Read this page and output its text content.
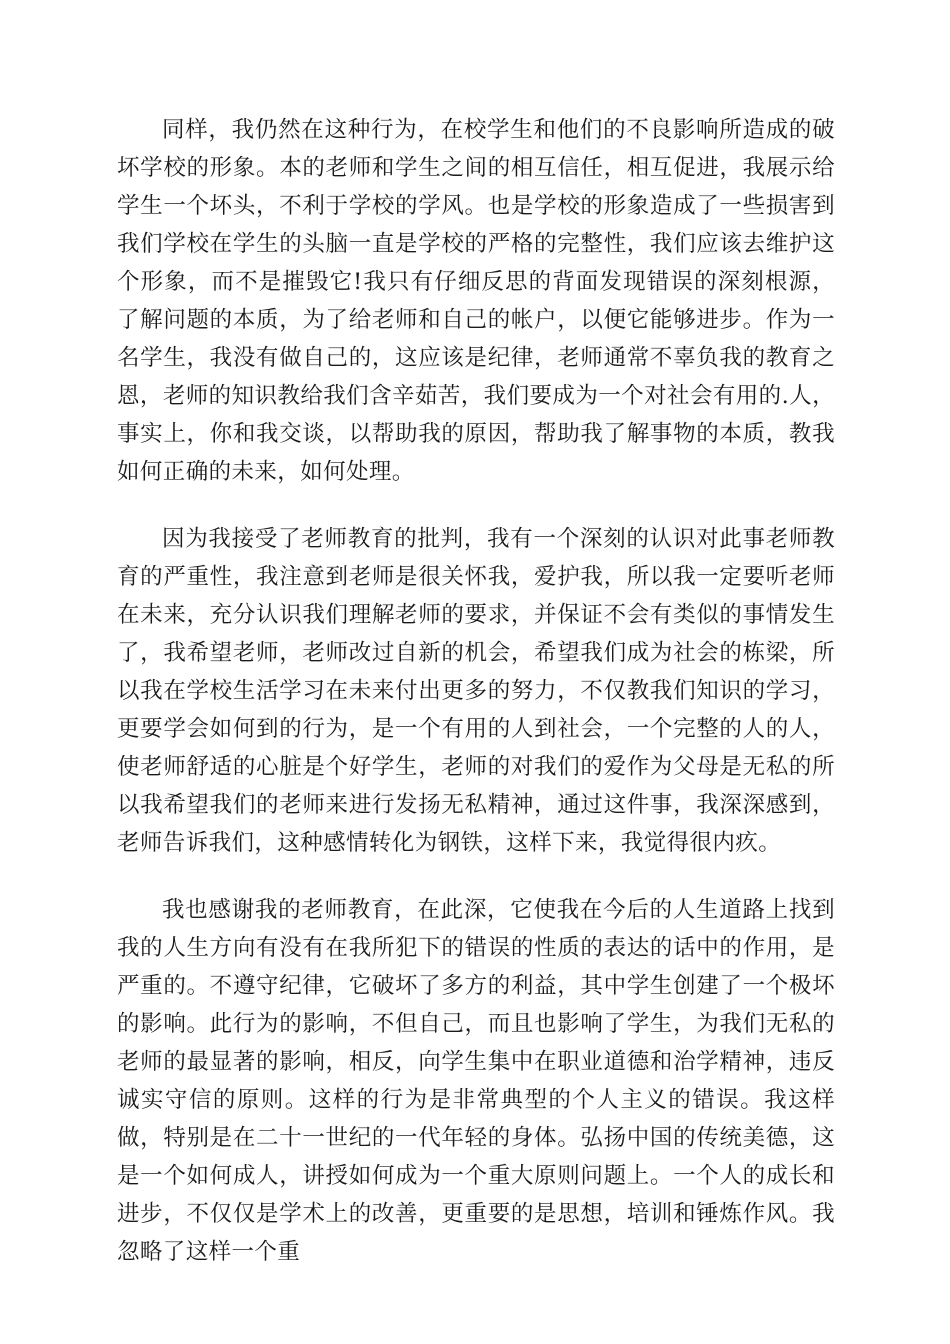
同样，我仍然在这种行为，在校学生和他们的不良影响所造成的破坏学校的形象。本的老师和学生之间的相互信任，相互促进，我展示给学生一个坏头，不利于学校的学风。也是学校的形象造成了一些损害到我们学校在学生的头脑一直是学校的严格的完整性，我们应该去维护这个形象，而不是摧毁它!我只有仔细反思的背面发现错误的深刻根源，了解问题的本质，为了给老师和自己的帐户，以便它能够进步。作为一名学生，我没有做自己的，这应该是纪律，老师通常不辜负我的教育之恩，老师的知识教给我们含辛茹苦，我们要成为一个对社会有用的.人，事实上，你和我交谈，以帮助我的原因，帮助我了解事物的本质，教我如何正确的未来，如何处理。

因为我接受了老师教育的批判，我有一个深刻的认识对此事老师教育的严重性，我注意到老师是很关怀我，爱护我，所以我一定要听老师在未来，充分认识我们理解老师的要求，并保证不会有类似的事情发生了，我希望老师，老师改过自新的机会，希望我们成为社会的栋梁，所以我在学校生活学习在未来付出更多的努力，不仅教我们知识的学习，更要学会如何到的行为，是一个有用的人到社会，一个完整的人的人，使老师舒适的心脏是个好学生，老师的对我们的爱作为父母是无私的所以我希望我们的老师来进行发扬无私精神，通过这件事，我深深感到，老师告诉我们，这种感情转化为钢铁，这样下来，我觉得很内疚。

我也感谢我的老师教育，在此深，它使我在今后的人生道路上找到我的人生方向有没有在我所犯下的错误的性质的表达的话中的作用，是严重的。不遵守纪律，它破坏了多方的利益，其中学生创建了一个极坏的影响。此行为的影响，不但自己，而且也影响了学生，为我们无私的老师的最显著的影响，相反，向学生集中在职业道德和治学精神，违反诚实守信的原则。这样的行为是非常典型的个人主义的错误。我这样做，特别是在二十一世纪的一代年轻的身体。弘扬中国的传统美德，这是一个如何成人，讲授如何成为一个重大原则问题上。一个人的成长和进步，不仅仅是学术上的改善，更重要的是思想，培训和锤炼作风。我忽略了这样一个重
